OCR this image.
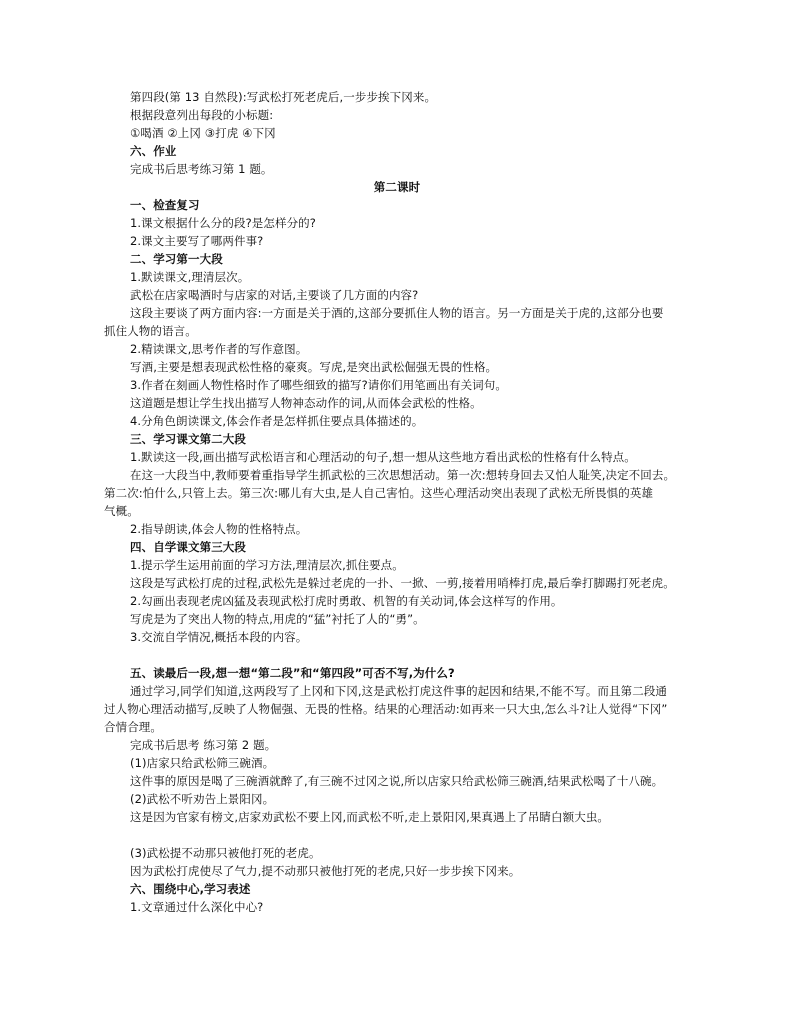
第四段(第 13 自然段):写武松打死老虎后,一步步挨下冈来。
根据段意列出每段的小标题:
①喝酒 ②上冈 ③打虎 ④下冈
六、作业
完成书后思考练习第 1 题。
第二课时
一、检查复习
1.课文根据什么分的段?是怎样分的?
2.课文主要写了哪两件事?
二、学习第一大段
1.默读课文,理清层次。
武松在店家喝酒时与店家的对话,主要谈了几方面的内容?
这段主要谈了两方面内容:一方面是关于酒的,这部分要抓住人物的语言。另一方面是关于虎的,这部分也要
抓住人物的语言。
2.精读课文,思考作者的写作意图。
写酒,主要是想表现武松性格的豪爽。写虎,是突出武松倔强无畏的性格。
3.作者在刻画人物性格时作了哪些细致的描写?请你们用笔画出有关词句。
这道题是想让学生找出描写人物神态动作的词,从而体会武松的性格。
4.分角色朗读课文,体会作者是怎样抓住要点具体描述的。
三、学习课文第二大段
1.默读这一段,画出描写武松语言和心理活动的句子,想一想从这些地方看出武松的性格有什么特点。
在这一大段当中,教师要着重指导学生抓武松的三次思想活动。第一次:想转身回去又怕人耻笑,决定不回去。
第二次:怕什么,只管上去。第三次:哪儿有大虫,是人自己害怕。这些心理活动突出表现了武松无所畏惧的英雄
气概。
2.指导朗读,体会人物的性格特点。
四、自学课文第三大段
1.提示学生运用前面的学习方法,理清层次,抓住要点。
这段是写武松打虎的过程,武松先是躲过老虎的一扑、一掀、一剪,接着用哨棒打虎,最后拳打脚踢打死老虎。
2.勾画出表现老虎凶猛及表现武松打虎时勇敢、机智的有关动词,体会这样写的作用。
写虎是为了突出人物的特点,用虎的“猛”衬托了人的“勇”。
3.交流自学情况,概括本段的内容。
五、读最后一段,想一想“第二段”和“第四段”可否不写,为什么?
通过学习,同学们知道,这两段写了上冈和下冈,这是武松打虎这件事的起因和结果,不能不写。而且第二段通
过人物心理活动描写,反映了人物倔强、无畏的性格。结果的心理活动:如再来一只大虫,怎么斗?让人觉得“下冈”
合情合理。
完成书后思考 练习第 2 题。
(1)店家只给武松筛三碗酒。
这件事的原因是喝了三碗酒就醉了,有三碗不过冈之说,所以店家只给武松筛三碗酒,结果武松喝了十八碗。
(2)武松不听劝告上景阳冈。
这是因为官家有榜文,店家劝武松不要上冈,而武松不听,走上景阳冈,果真遇上了吊睛白额大虫。
(3)武松提不动那只被他打死的老虎。
因为武松打虎使尽了气力,提不动那只被他打死的老虎,只好一步步挨下冈来。
六、围绕中心,学习表述
1.文章通过什么深化中心?
